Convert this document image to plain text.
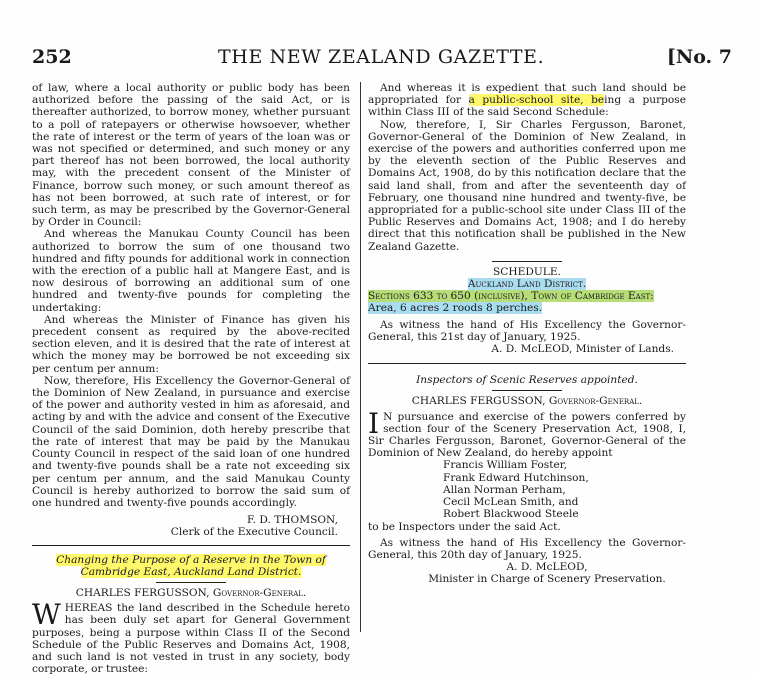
252	THE NEW ZEALAND GAZETTE.	[No. 7

of law, where a local authority or public body has been authorized before the passing of the said Act, or is thereafter authorized, to borrow money, whether pursuant to a poll of ratepayers or otherwise howsoever, whether the rate of interest or the term of years of the loan was or was not specified or determined, and such money or any part thereof has not been borrowed, the local authority may, with the precedent consent of the Minister of Finance, borrow such money, or such amount thereof as has not been borrowed, at such rate of interest, or for such term, as may be prescribed by the Governor-General by Order in Council:

And whereas the Manukau County Council has been authorized to borrow the sum of one thousand two hundred and fifty pounds for additional work in connection with the erection of a public hall at Mangere East, and is now desirous of borrowing an additional sum of one hundred and twenty-five pounds for completing the undertaking:

And whereas the Minister of Finance has given his precedent consent as required by the above-recited section eleven, and it is desired that the rate of interest at which the money may be borrowed be not exceeding six per centum per annum:

Now, therefore, His Excellency the Governor-General of the Dominion of New Zealand, in pursuance and exercise of the power and authority vested in him as aforesaid, and acting by and with the advice and consent of the Executive Council of the said Dominion, doth hereby prescribe that the rate of interest that may be paid by the Manukau County Council in respect of the said loan of one hundred and twenty-five pounds shall be a rate not exceeding six per centum per annum, and the said Manukau County Council is hereby authorized to borrow the said sum of one hundred and twenty-five pounds accordingly.

F. D. THOMSON,

Clerk of the Executive Council.

Changing the Purpose of a Reserve in the Town of Cambridge East, Auckland Land District.

CHARLES FERGUSSON, Governor-General.

WHEREAS the land described in the Schedule hereto has been duly set apart for General Government purposes, being a purpose within Class II of the Second Schedule of the Public Reserves and Domains Act, 1908, and such land is not vested in trust in any society, body corporate, or trustee:

And whereas it is expedient that such land should be appropriated for a public-school site, being a purpose within Class III of the said Second Schedule:

Now, therefore, I, Sir Charles Fergusson, Baronet, Governor-General of the Dominion of New Zealand, in exercise of the powers and authorities conferred upon me by the eleventh section of the Public Reserves and Domains Act, 1908, do by this notification declare that the said land shall, from and after the seventeenth day of February, one thousand nine hundred and twenty-five, be appropriated for a public-school site under Class III of the Public Reserves and Domains Act, 1908; and I do hereby direct that this notification shall be published in the New Zealand Gazette.

SCHEDULE.

Auckland Land District.

Sections 633 to 650 (inclusive), Town of Cambridge East:

Area, 6 acres 2 roods 8 perches.

As witness the hand of His Excellency the Governor-General, this 21st day of January, 1925.

A. D. McLEOD, Minister of Lands.

Inspectors of Scenic Reserves appointed.

CHARLES FERGUSSON, Governor-General.

I N pursuance and exercise of the powers conferred by section four of the Scenery Preservation Act, 1908, I, Sir Charles Fergusson, Baronet, Governor-General of the Dominion of New Zealand, do hereby appoint

Francis William Foster,

Frank Edward Hutchinson,

Allan Norman Perham,

Cecil McLean Smith, and

Robert Blackwood Steele

to be Inspectors under the said Act.

As witness the hand of His Excellency the Governor-General, this 20th day of January, 1925.

A. D. McLEOD,

Minister in Charge of Scenery Preservation.
